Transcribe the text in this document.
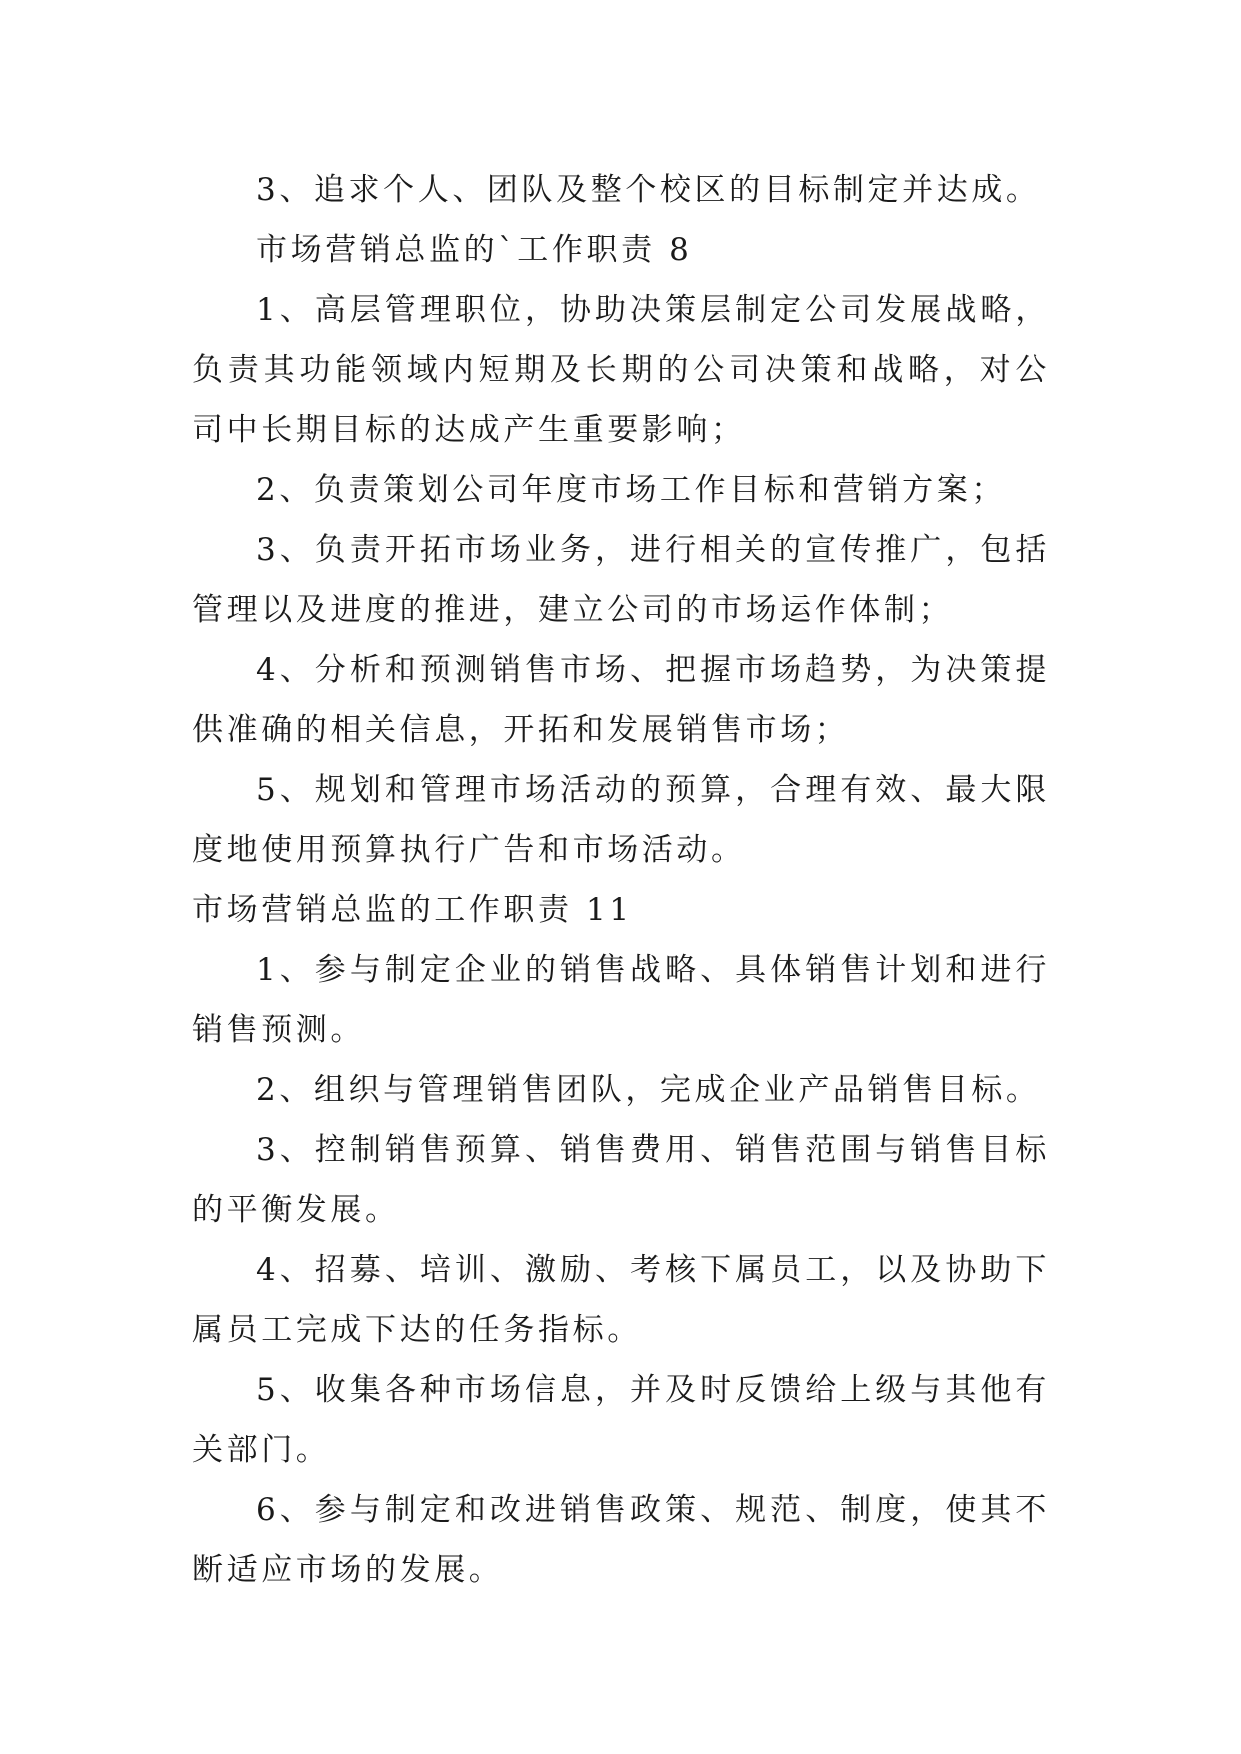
3、追求个人、团队及整个校区的目标制定并达成。

市场营销总监的`工作职责 8

1、高层管理职位，协助决策层制定公司发展战略，负责其功能领域内短期及长期的公司决策和战略，对公司中长期目标的达成产生重要影响；

2、负责策划公司年度市场工作目标和营销方案；

3、负责开拓市场业务，进行相关的宣传推广，包括管理以及进度的推进，建立公司的市场运作体制；

4、分析和预测销售市场、把握市场趋势，为决策提供准确的相关信息，开拓和发展销售市场；

5、规划和管理市场活动的预算，合理有效、最大限度地使用预算执行广告和市场活动。

市场营销总监的工作职责 11

1、参与制定企业的销售战略、具体销售计划和进行销售预测。

2、组织与管理销售团队，完成企业产品销售目标。

3、控制销售预算、销售费用、销售范围与销售目标的平衡发展。

4、招募、培训、激励、考核下属员工，以及协助下属员工完成下达的任务指标。

5、收集各种市场信息，并及时反馈给上级与其他有关部门。

6、参与制定和改进销售政策、规范、制度，使其不断适应市场的发展。
